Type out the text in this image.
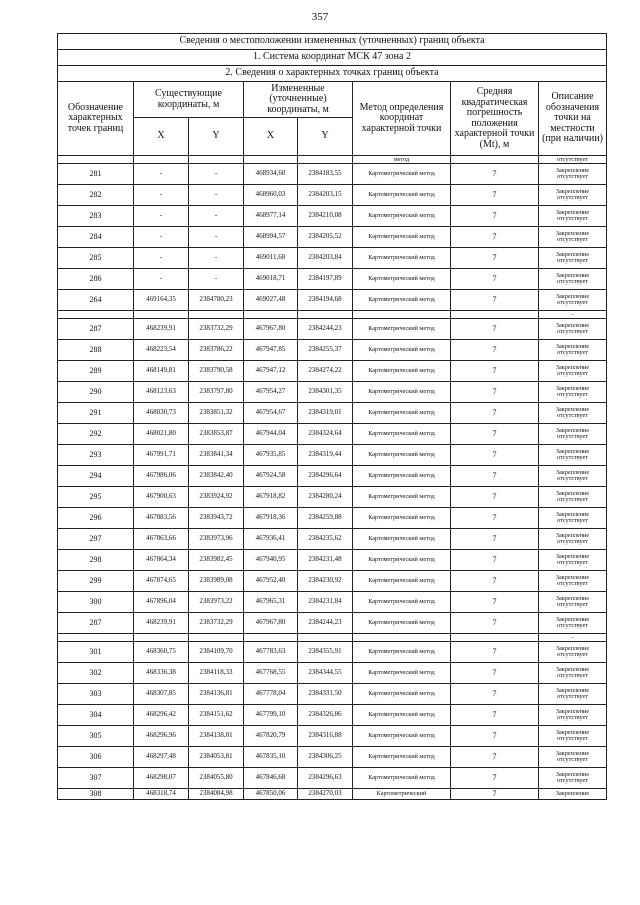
357
Сведения о местоположении измененных (уточненных) границ объекта							
1. Система координат МСК 47 зона 2							
2. Сведения о характерных точках границ объекта							
Обозначение характерных точек границ	Существующие координаты, м		Измененные (уточненные) координаты, м		Метод определения координат характерной точки	Средняя квадратическая погрешность положения характерной точки (Mt), м	Описание обозначения точки на местности (при наличии)
	X	Y	X	Y			
					метод		отсутствует
281	-	-	468934,60	2384183,55	Картометрический метод	7	Закрепление отсутствует
282	-	-	468960,03	2384203,15	Картометрический метод	7	Закрепление отсутствует
283	-	-	468977,14	2384210,08	Картометрический метод	7	Закрепление отсутствует
284	-	-	468994,57	2384205,52	Картометрический метод	7	Закрепление отсутствует
285	-	-	469011,68	2384203,84	Картометрический метод	7	Закрепление отсутствует
286	-	-	469018,71	2384197,89	Картометрический метод	7	Закрепление отсутствует
264	469164,35	2384780,23	469027,48	2384194,68	Картометрический метод	7	Закрепление отсутствует
							-
287	468239,91	2383732,29	467967,80	2384244,23	Картометрический метод	7	Закрепление отсутствует
288	468223,54	2383786,22	467947,85	2384255,37	Картометрический метод	7	Закрепление отсутствует
289	468149,81	2383790,58	467947,12	2384274,22	Картометрический метод	7	Закрепление отсутствует
290	468123,63	2383797,80	467954,27	2384301,35	Картометрический метод	7	Закрепление отсутствует
291	468030,73	2383851,32	467954,67	2384319,01	Картометрический метод	7	Закрепление отсутствует
292	468021,80	2383853,87	467944,04	2384324,64	Картометрический метод	7	Закрепление отсутствует
293	467991,71	2383841,34	467935,85	2384319,44	Картометрический метод	7	Закрепление отсутствует
294	467986,06	2383842,40	467924,58	2384296,64	Картометрический метод	7	Закрепление отсутствует
295	467900,63	2383924,92	467918,82	2384280,24	Картометрический метод	7	Закрепление отсутствует
296	467883,56	2383943,72	467918,36	2384259,88	Картометрический метод	7	Закрепление отсутствует
297	467863,66	2383973,96	467936,41	2384235,62	Картометрический метод	7	Закрепление отсутствует
298	467864,34	2383982,45	467940,95	2384231,48	Картометрический метод	7	Закрепление отсутствует
299	467874,65	2383989,08	467952,40	2384230,92	Картометрический метод	7	Закрепление отсутствует
300	467896,04	2383973,22	467965,31	2384231,84	Картометрический метод	7	Закрепление отсутствует
287	468239,91	2383732,29	467967,80	2384244,23	Картометрический метод	7	Закрепление отсутствует
							-
301	468360,75	2384109,70	467783,63	2384355,91	Картометрический метод	7	Закрепление отсутствует
302	468336,38	2384118,33	467768,55	2384344,55	Картометрический метод	7	Закрепление отсутствует
303	468307,85	2384136,81	467778,04	2384331,50	Картометрический метод	7	Закрепление отсутствует
304	468296,42	2384151,62	467799,10	2384326,86	Картометрический метод	7	Закрепление отсутствует
305	468296,96	2384138,01	467820,79	2384316,88	Картометрический метод	7	Закрепление отсутствует
306	468297,48	2384053,81	467835,10	2384306,25	Картометрический метод	7	Закрепление отсутствует
307	468298,07	2384055,80	467846,68	2384296,63	Картометрический метод	7	Закрепление отсутствует
308	468318,74	2384084,98	467850,06	2384270,03	Картометрический	7	Закрепление
